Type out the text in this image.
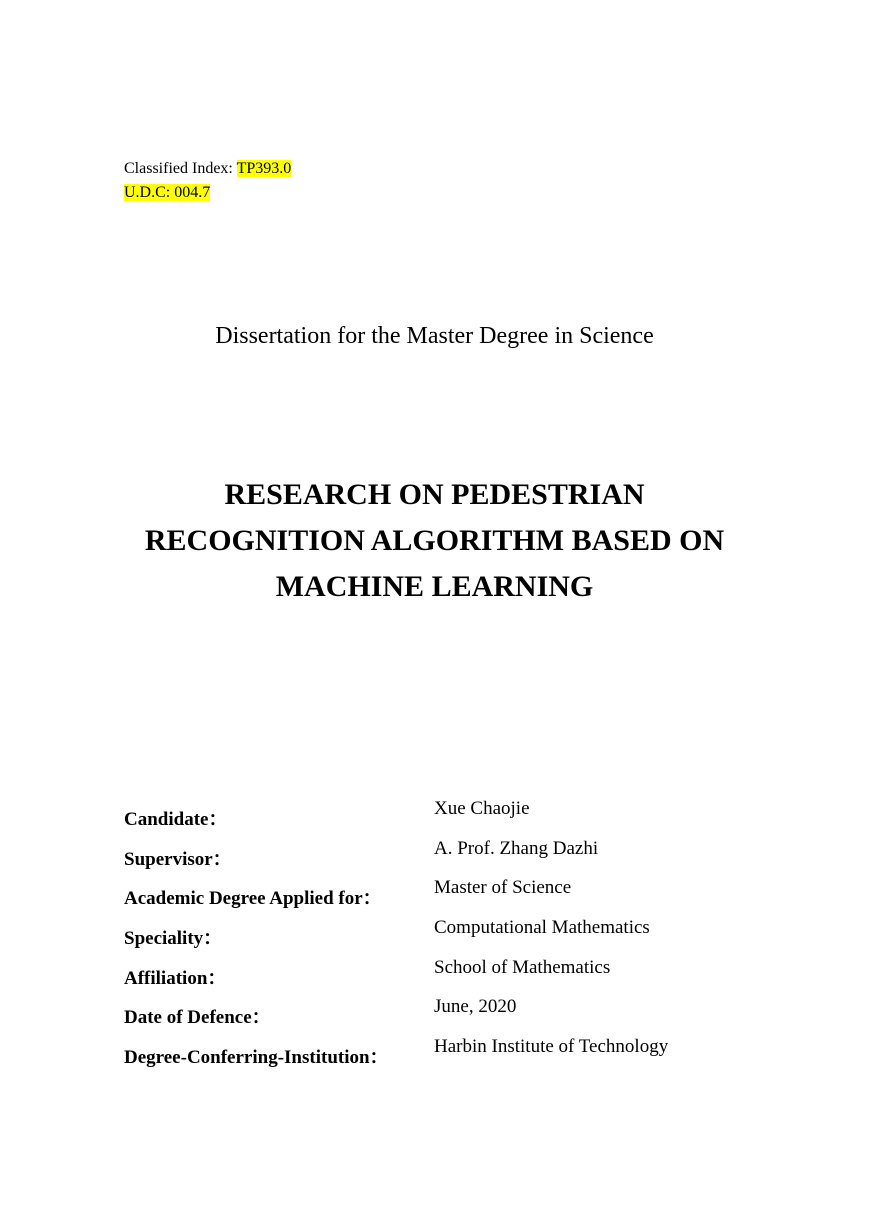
Classified Index: TP393.0
U.D.C: 004.7
Dissertation for the Master Degree in Science
RESEARCH ON PEDESTRIAN
RECOGNITION ALGORITHM BASED ON
MACHINE LEARNING
Candidate：
Xue Chaojie
Supervisor：
A. Prof. Zhang Dazhi
Academic Degree Applied for：
Master of Science
Speciality：
Computational Mathematics
Affiliation：
School of Mathematics
Date of Defence：
June, 2020
Degree-Conferring-Institution：
Harbin Institute of Technology
